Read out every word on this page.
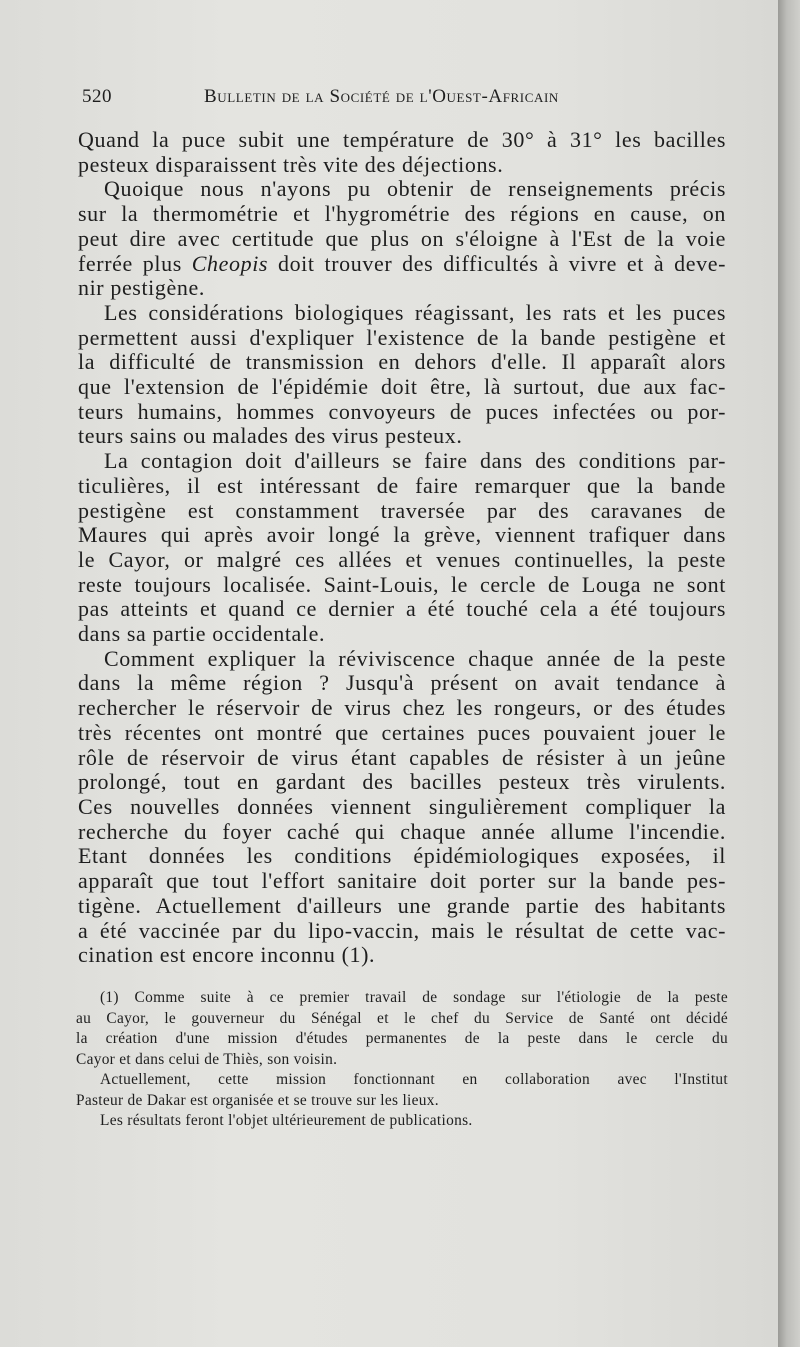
520	Bulletin de la Société de l'Ouest-Africain
Quand la puce subit une température de 30° à 31° les bacilles
pesteux disparaissent très vite des déjections.
Quoique nous n'ayons pu obtenir de renseignements précis
sur la thermométrie et l'hygrométrie des régions en cause, on
peut dire avec certitude que plus on s'éloigne à l'Est de la voie
ferrée plus Cheopis doit trouver des difficultés à vivre et à deve-
nir pestigène.
Les considérations biologiques réagissant, les rats et les puces
permettent aussi d'expliquer l'existence de la bande pestigène et
la difficulté de transmission en dehors d'elle. Il apparaît alors
que l'extension de l'épidémie doit être, là surtout, due aux fac-
teurs humains, hommes convoyeurs de puces infectées ou por-
teurs sains ou malades des virus pesteux.
La contagion doit d'ailleurs se faire dans des conditions par-
ticulières, il est intéressant de faire remarquer que la bande
pestigène est constamment traversée par des caravanes de
Maures qui après avoir longé la grève, viennent trafiquer dans
le Cayor, or malgré ces allées et venues continuelles, la peste
reste toujours localisée. Saint-Louis, le cercle de Louga ne sont
pas atteints et quand ce dernier a été touché cela a été toujours
dans sa partie occidentale.
Comment expliquer la réviviscence chaque année de la peste
dans la même région ? Jusqu'à présent on avait tendance à
rechercher le réservoir de virus chez les rongeurs, or des études
très récentes ont montré que certaines puces pouvaient jouer le
rôle de réservoir de virus étant capables de résister à un jeûne
prolongé, tout en gardant des bacilles pesteux très virulents.
Ces nouvelles données viennent singulièrement compliquer la
recherche du foyer caché qui chaque année allume l'incendie.
Etant données les conditions épidémiologiques exposées, il
apparaît que tout l'effort sanitaire doit porter sur la bande pes-
tigène. Actuellement d'ailleurs une grande partie des habitants
a été vaccinée par du lipo-vaccin, mais le résultat de cette vac-
cination est encore inconnu (1).
(1) Comme suite à ce premier travail de sondage sur l'étiologie de la peste
au Cayor, le gouverneur du Sénégal et le chef du Service de Santé ont décidé
la création d'une mission d'études permanentes de la peste dans le cercle du
Cayor et dans celui de Thiès, son voisin.
Actuellement, cette mission fonctionnant en collaboration avec l'Institut
Pasteur de Dakar est organisée et se trouve sur les lieux.
Les résultats feront l'objet ultérieurement de publications.
